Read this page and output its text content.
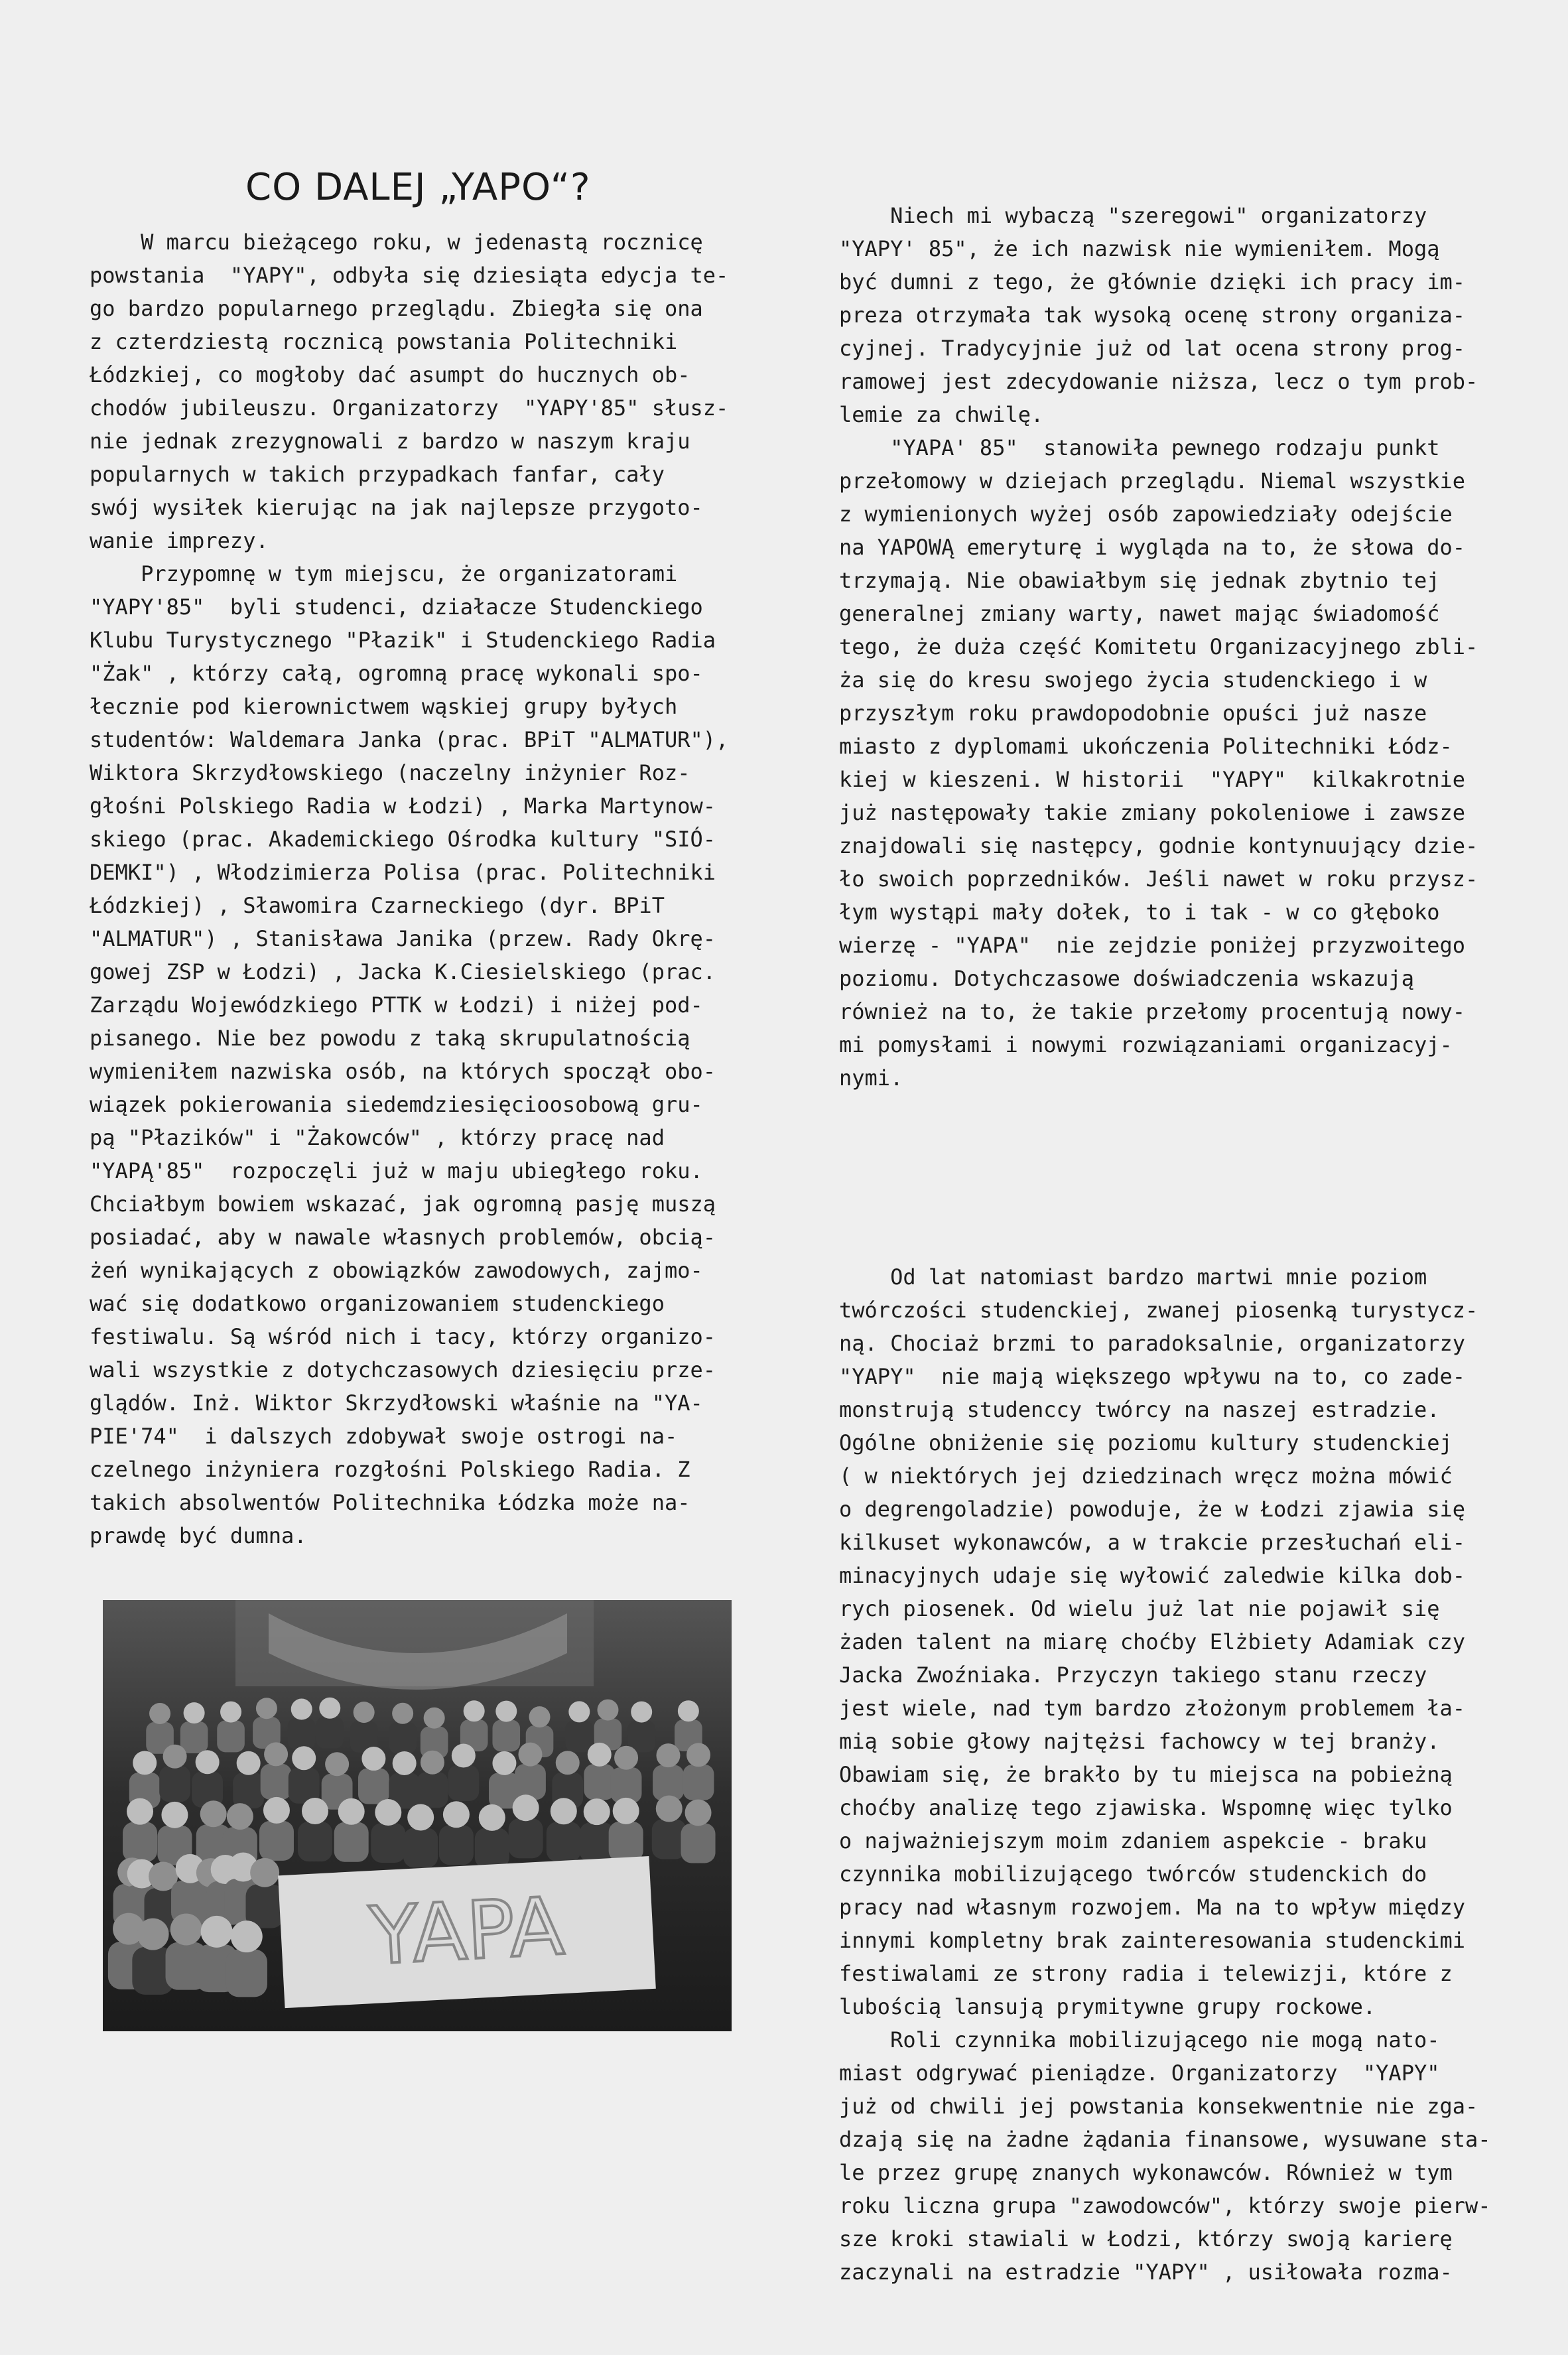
CO DALEJ „YAPO“?
W marcu bieżącego roku, w jedenastą rocznicę
powstania  "YAPY", odbyła się dziesiąta edycja te-
go bardzo popularnego przeglądu. Zbiegła się ona
z czterdziestą rocznicą powstania Politechniki
Łódzkiej, co mogłoby dać asumpt do hucznych ob-
chodów jubileuszu. Organizatorzy  "YAPY'85" słusz-
nie jednak zrezygnowali z bardzo w naszym kraju
popularnych w takich przypadkach fanfar, cały
swój wysiłek kierując na jak najlepsze przygoto-
wanie imprezy.
Przypomnę w tym miejscu, że organizatorami
"YAPY'85"  byli studenci, działacze Studenckiego
Klubu Turystycznego "Płazik" i Studenckiego Radia
"Żak" , którzy całą, ogromną pracę wykonali spo-
łecznie pod kierownictwem wąskiej grupy byłych
studentów: Waldemara Janka (prac. BPiT "ALMATUR"),
Wiktora Skrzydłowskiego (naczelny inżynier Roz-
głośni Polskiego Radia w Łodzi) , Marka Martynow-
skiego (prac. Akademickiego Ośrodka kultury "SIÓ-
DEMKI") , Włodzimierza Polisa (prac. Politechniki
Łódzkiej) , Sławomira Czarneckiego (dyr. BPiT
"ALMATUR") , Stanisława Janika (przew. Rady Okrę-
gowej ZSP w Łodzi) , Jacka K.Ciesielskiego (prac.
Zarządu Wojewódzkiego PTTK w Łodzi) i niżej pod-
pisanego. Nie bez powodu z taką skrupulatnością
wymieniłem nazwiska osób, na których spoczął obo-
wiązek pokierowania siedemdziesięcioosobową gru-
pą "Płazików" i "Żakowców" , którzy pracę nad
"YAPĄ'85"  rozpoczęli już w maju ubiegłego roku.
Chciałbym bowiem wskazać, jak ogromną pasję muszą
posiadać, aby w nawale własnych problemów, obcią-
żeń wynikających z obowiązków zawodowych, zajmo-
wać się dodatkowo organizowaniem studenckiego
festiwalu. Są wśród nich i tacy, którzy organizo-
wali wszystkie z dotychczasowych dziesięciu prze-
glądów. Inż. Wiktor Skrzydłowski właśnie na "YA-
PIE'74"  i dalszych zdobywał swoje ostrogi na-
czelnego inżyniera rozgłośni Polskiego Radia. Z
takich absolwentów Politechnika Łódzka może na-
prawdę być dumna.

Niech mi wybaczą "szeregowi" organizatorzy
"YAPY' 85", że ich nazwisk nie wymieniłem. Mogą
być dumni z tego, że głównie dzięki ich pracy im-
preza otrzymała tak wysoką ocenę strony organiza-
cyjnej. Tradycyjnie już od lat ocena strony prog-
ramowej jest zdecydowanie niższa, lecz o tym prob-
lemie za chwilę.
"YAPA' 85"  stanowiła pewnego rodzaju punkt
przełomowy w dziejach przeglądu. Niemal wszystkie
z wymienionych wyżej osób zapowiedziały odejście
na YAPOWĄ emeryturę i wygląda na to, że słowa do-
trzymają. Nie obawiałbym się jednak zbytnio tej
generalnej zmiany warty, nawet mając świadomość
tego, że duża część Komitetu Organizacyjnego zbli-
ża się do kresu swojego życia studenckiego i w
przyszłym roku prawdopodobnie opuści już nasze
miasto z dyplomami ukończenia Politechniki Łódz-
kiej w kieszeni. W historii  "YAPY"  kilkakrotnie
już następowały takie zmiany pokoleniowe i zawsze
znajdowali się następcy, godnie kontynuujący dzie-
ło swoich poprzedników. Jeśli nawet w roku przysz-
łym wystąpi mały dołek, to i tak - w co głęboko
wierzę - "YAPA"  nie zejdzie poniżej przyzwoitego
poziomu. Dotychczasowe doświadczenia wskazują
również na to, że takie przełomy procentują nowy-
mi pomysłami i nowymi rozwiązaniami organizacyj-
nymi.

Od lat natomiast bardzo martwi mnie poziom
twórczości studenckiej, zwanej piosenką turystycz-
ną. Chociaż brzmi to paradoksalnie, organizatorzy
"YAPY"  nie mają większego wpływu na to, co zade-
monstrują studenccy twórcy na naszej estradzie.
Ogólne obniżenie się poziomu kultury studenckiej
( w niektórych jej dziedzinach wręcz można mówić
o degrengoladzie) powoduje, że w Łodzi zjawia się
kilkuset wykonawców, a w trakcie przesłuchań eli-
minacyjnych udaje się wyłowić zaledwie kilka dob-
rych piosenek. Od wielu już lat nie pojawił się
żaden talent na miarę choćby Elżbiety Adamiak czy
Jacka Zwoźniaka. Przyczyn takiego stanu rzeczy
jest wiele, nad tym bardzo złożonym problemem ła-
mią sobie głowy najtężsi fachowcy w tej branży.
Obawiam się, że brakło by tu miejsca na pobieżną
choćby analizę tego zjawiska. Wspomnę więc tylko
o najważniejszym moim zdaniem aspekcie - braku
czynnika mobilizującego twórców studenckich do
pracy nad własnym rozwojem. Ma na to wpływ między
innymi kompletny brak zainteresowania studenckimi
festiwalami ze strony radia i telewizji, które z
lubością lansują prymitywne grupy rockowe.
Roli czynnika mobilizującego nie mogą nato-
miast odgrywać pieniądze. Organizatorzy  "YAPY"
już od chwili jej powstania konsekwentnie nie zga-
dzają się na żadne żądania finansowe, wysuwane sta-
le przez grupę znanych wykonawców. Również w tym
roku liczna grupa "zawodowców", którzy swoje pierw-
sze kroki stawiali w Łodzi, którzy swoją karierę
zaczynali na estradzie "YAPY" , usiłowała rozma-

YAPA
